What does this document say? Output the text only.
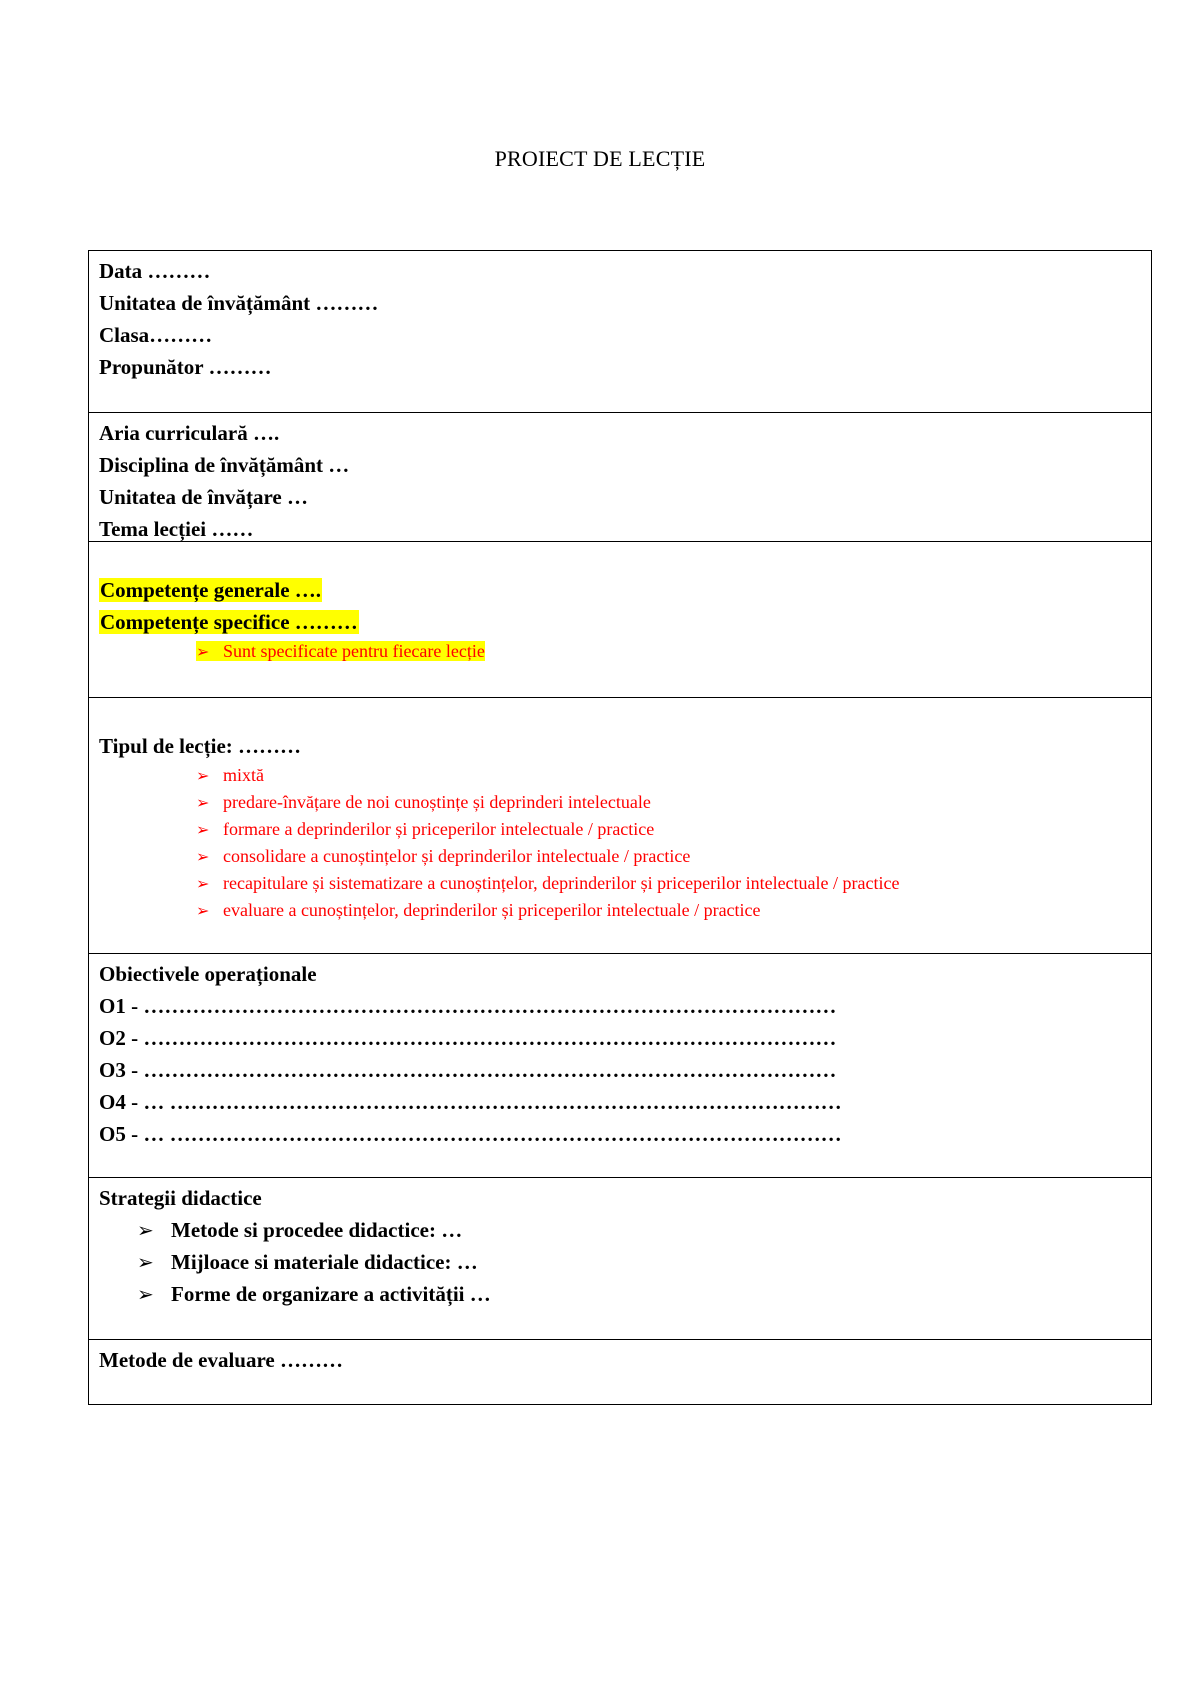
PROIECT DE LECȚIE
Data ………
Unitatea de învățământ ………
Clasa………
Propunător ………
Aria curriculară ….
Disciplina de învățământ …
Unitatea de învățare …
Tema lecției ……
Competențe generale ….
Competențe specifice ………
➢ Sunt specificate pentru fiecare lecție
Tipul de lecție: ………
➢ mixtă
➢ predare-învățare de noi cunoștințe și deprinderi intelectuale
➢ formare a deprinderilor și priceperilor intelectuale / practice
➢ consolidare a cunoștințelor și deprinderilor intelectuale / practice
➢ recapitulare și sistematizare a cunoștințelor, deprinderilor și priceperilor intelectuale / practice
➢ evaluare a cunoștințelor, deprinderilor și priceperilor intelectuale / practice
Obiectivele operaționale
O1 - ………………………………………………………………………………………
O2 - ………………………………………………………………………………………
O3 - ………………………………………………………………………………………
O4 - … ……………………………………………………………………………………
O5 - … ……………………………………………………………………………………
Strategii didactice
➢ Metode si procedee didactice: …
➢ Mijloace si materiale didactice: …
➢ Forme de organizare a activității …
Metode de evaluare ………
